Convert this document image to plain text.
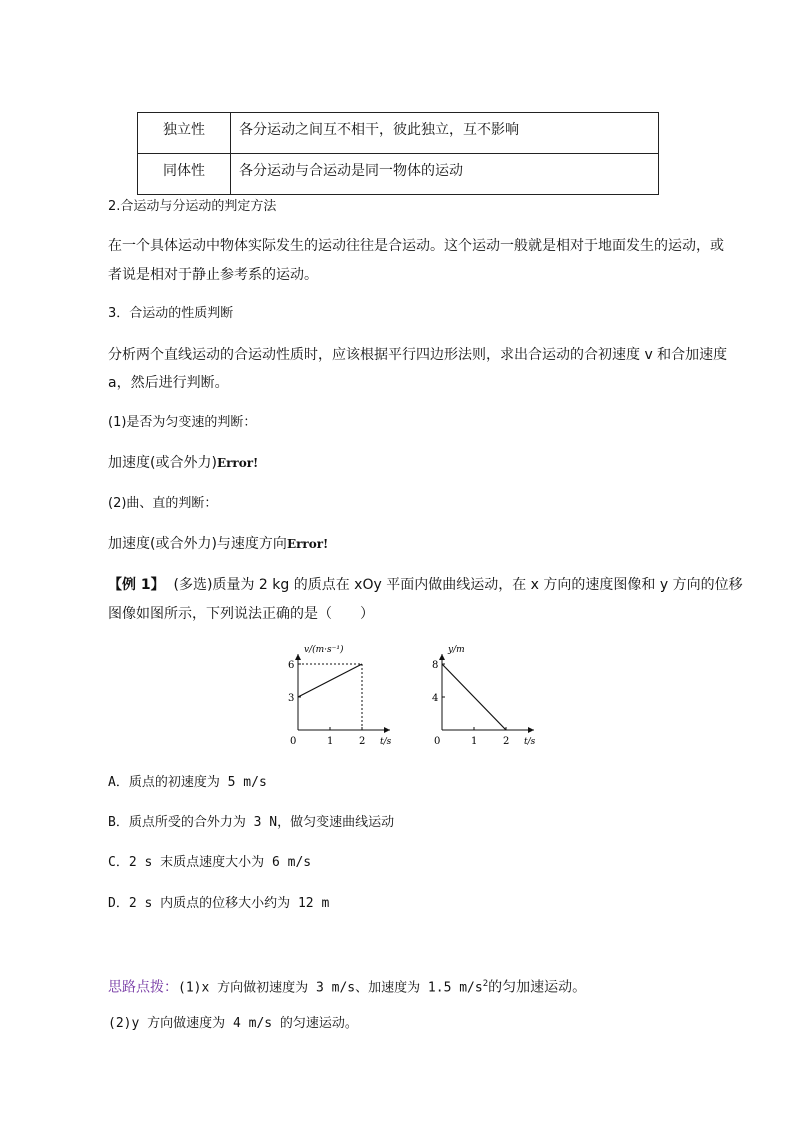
独立性	各分运动之间互不相干，彼此独立，互不影响
同体性	各分运动与合运动是同一物体的运动
2.合运动与分运动的判定方法
在一个具体运动中物体实际发生的运动往往是合运动。这个运动一般就是相对于地面发生的运动，或
者说是相对于静止参考系的运动。
3．合运动的性质判断
分析两个直线运动的合运动性质时，应该根据平行四边形法则，求出合运动的合初速度 v 和合加速度
a，然后进行判断。
(1)是否为匀变速的判断：
加速度(或合外力)Error!
(2)曲、直的判断：
加速度(或合外力)与速度方向Error!
【例 1】 (多选)质量为 2 kg 的质点在 xOy 平面内做曲线运动，在 x 方向的速度图像和 y 方向的位移
图像如图所示，下列说法正确的是（　　）
v/(m·s⁻¹)
t/s
0	1	2
3
6
y/m
t/s
0	1	2
4
8
A．质点的初速度为 5 m/s
B．质点所受的合外力为 3 N，做匀变速曲线运动
C．2 s 末质点速度大小为 6 m/s
D．2 s 内质点的位移大小约为 12 m
思路点拨：(1)x 方向做初速度为 3 m/s、加速度为 1.5 $m/s^2$的匀加速运动。
(2)y 方向做速度为 4 m/s 的匀速运动。
